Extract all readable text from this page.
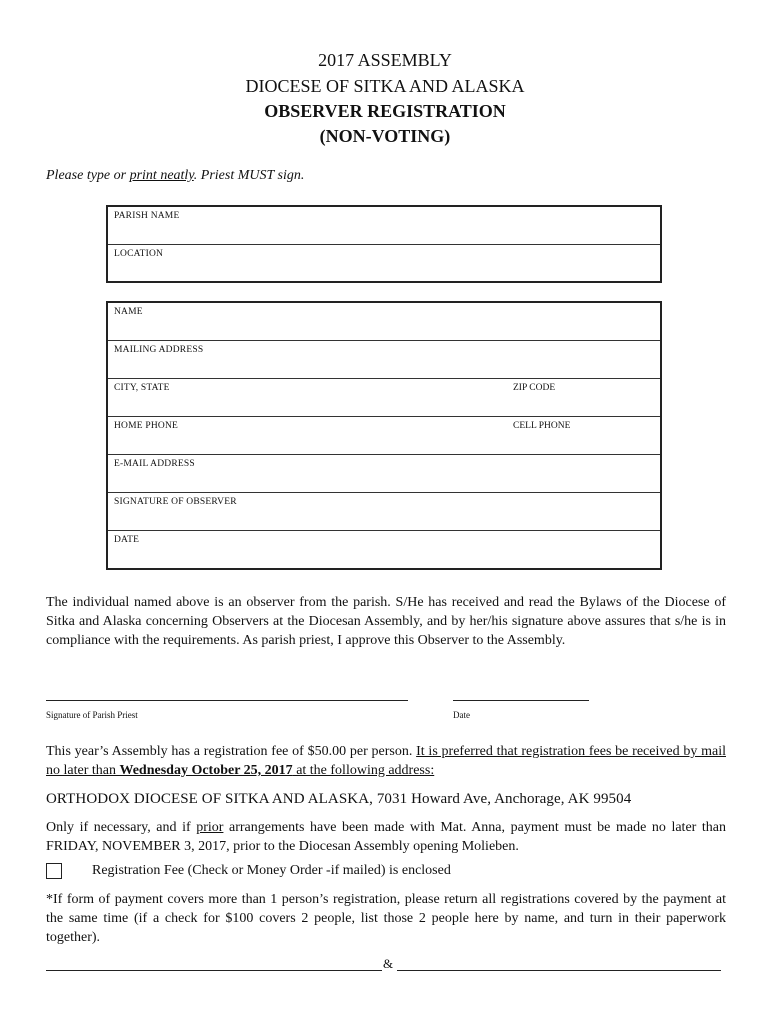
2017 ASSEMBLY
DIOCESE OF SITKA AND ALASKA
OBSERVER REGISTRATION
(NON-VOTING)
Please type or print neatly. Priest MUST sign.
PARISH NAME
LOCATION
NAME
MAILING ADDRESS
CITY, STATE	ZIP CODE
HOME PHONE	CELL PHONE
E-MAIL ADDRESS
SIGNATURE OF OBSERVER
DATE
The individual named above is an observer from the parish. S/He has received and read the Bylaws of the Diocese of Sitka and Alaska concerning Observers at the Diocesan Assembly, and by her/his signature above assures that s/he is in compliance with the requirements. As parish priest, I approve this Observer to the Assembly.
Signature of Parish Priest	Date
This year’s Assembly has a registration fee of $50.00 per person. It is preferred that registration fees be received by mail no later than Wednesday October 25, 2017 at the following address:
ORTHODOX DIOCESE OF SITKA AND ALASKA, 7031 Howard Ave, Anchorage, AK 99504
Only if necessary, and if prior arrangements have been made with Mat. Anna, payment must be made no later than FRIDAY, NOVEMBER 3, 2017, prior to the Diocesan Assembly opening Molieben.
Registration Fee (Check or Money Order -if mailed) is enclosed
*If form of payment covers more than 1 person’s registration, please return all registrations covered by the payment at the same time (if a check for $100 covers 2 people, list those 2 people here by name, and turn in their paperwork together).
&
